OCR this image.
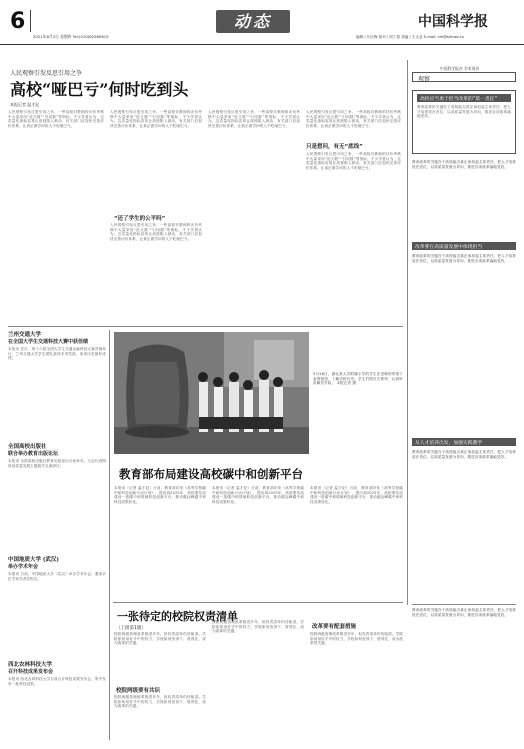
6
2021年6月3日 星期四 Tel:(010)62580615
动态	中国科学报
编辑 / 计红梅 校对 / 何工厚 美编 / 王大业 E-mail: hm@stimes.cn
人民观察引发反思引用之争
高校“哑巴亏”何时吃到头
本报记者 温才妃
人民观察引发反思引用之争，一些高校对教师的评价考核中大量采用“论文数”“引用数”等指标，不少学者认为，这类量化指标容易让高校陷入被动，有关部门应加快完善评价体系，让真正做学问的人不吃哑巴亏。
人民观察引发反思引用之争，一些高校对教师的评价考核中大量采用“论文数”“引用数”等指标，不少学者认为，这类量化指标容易让高校陷入被动，有关部门应加快完善评价体系，让真正做学问的人不吃哑巴亏。
“还了学生的公平吗”
人民观察引发反思引用之争，一些高校对教师的评价考核中大量采用“论文数”“引用数”等指标，不少学者认为，这类量化指标容易让高校陷入被动，有关部门应加快完善评价体系，让真正做学问的人不吃哑巴亏。
人民观察引发反思引用之争，一些高校对教师的评价考核中大量采用“论文数”“引用数”等指标，不少学者认为，这类量化指标容易让高校陷入被动，有关部门应加快完善评价体系，让真正做学问的人不吃哑巴亏。
人民观察引发反思引用之争，一些高校对教师的评价考核中大量采用“论文数”“引用数”等指标，不少学者认为，这类量化指标容易让高校陷入被动，有关部门应加快完善评价体系，让真正做学问的人不吃哑巴亏。
只是想问，有无“底线”
人民观察引发反思引用之争，一些高校对教师的评价考核中大量采用“论文数”“引用数”等指标，不少学者认为，这类量化指标容易让高校陷入被动，有关部门应加快完善评价体系，让真正做学问的人不吃哑巴亏。
兰州交通大学
在全国大学生交通科技大赛中获佳绩
本报讯 近日，第十六届全国大学生交通运输科技大赛决赛举行，兰州交通大学学生团队获得多项奖励，取得历史最好成绩。
全国高校出版社
联合举办教育出版论坛
本报讯 全国高校出版社教育出版论坛日前举办，与会代表围绕高质量发展主题展开交流研讨。
中国地质大学 (武汉)
举办学术年会
本报讯 日前，中国地质大学（武汉）举办学术年会，邀请多位专家学者作报告。
西北农林科技大学
召开科技成果发布会
本报讯 西北农林科技大学日前召开科技成果发布会，集中发布一批科技成果。
5月28日，湖北某大学附属小学的学生在老师的带领下参观校园，了解学校历史。学生们围在古钟旁，认真听讲解员介绍。 本报记者 摄
教育部布局建设高校碳中和创新平台
本报讯（记者 温才妃）日前，教育部印发《高等学校碳中和科技创新行动计划》，提出到2025年，高校要布局建设一批碳中和领域科技创新平台，推动碳达峰碳中和科技成果转化。
本报讯（记者 温才妃）日前，教育部印发《高等学校碳中和科技创新行动计划》，提出到2025年，高校要布局建设一批碳中和领域科技创新平台，推动碳达峰碳中和科技成果转化。
本报讯（记者 温才妃）日前，教育部印发《高等学校碳中和科技创新行动计划》，提出到2025年，高校要布局建设一批碳中和领域科技创新平台，推动碳达峰碳中和科技成果转化。
一张待定的校院权责清单
（上接第1版）
校院两级管理改革推进多年，但权责清单仍待厘清。学院如何用好手中的权力，学校如何放得下、管得住，成为改革的关键。
校院两级要有共识
校院两级管理改革推进多年，但权责清单仍待厘清。学院如何用好手中的权力，学校如何放得下、管得住，成为改革的关键。
校院两级管理改革推进多年，但权责清单仍待厘清。学院如何用好手中的权力，学校如何放得下、管得住，成为改革的关键。
改革要有配套措施
校院两级管理改革推进多年，但权责清单仍待厘清。学院如何用好手中的权力，学校如何放得下、管得住，成为改革的关键。
中国科学报社 学术周刊
观察
高校应当勇于担当改革的“第一责任”
教育改革的关键在于高校能否真正承担起主体责任，把人才培养放在首位，以高质量发展为导向，推进各项改革落地见效。
教育改革的关键在于高校能否真正承担起主体责任，把人才培养放在首位，以高质量发展为导向，推进各项改革落地见效。
改革要在高质量发展中体现担当
教育改革的关键在于高校能否真正承担起主体责任，把人才培养放在首位，以高质量发展为导向，推进各项改革落地见效。
从人才培养出发，加强实践教学
教育改革的关键在于高校能否真正承担起主体责任，把人才培养放在首位，以高质量发展为导向，推进各项改革落地见效。
教育改革的关键在于高校能否真正承担起主体责任，把人才培养放在首位，以高质量发展为导向，推进各项改革落地见效。
